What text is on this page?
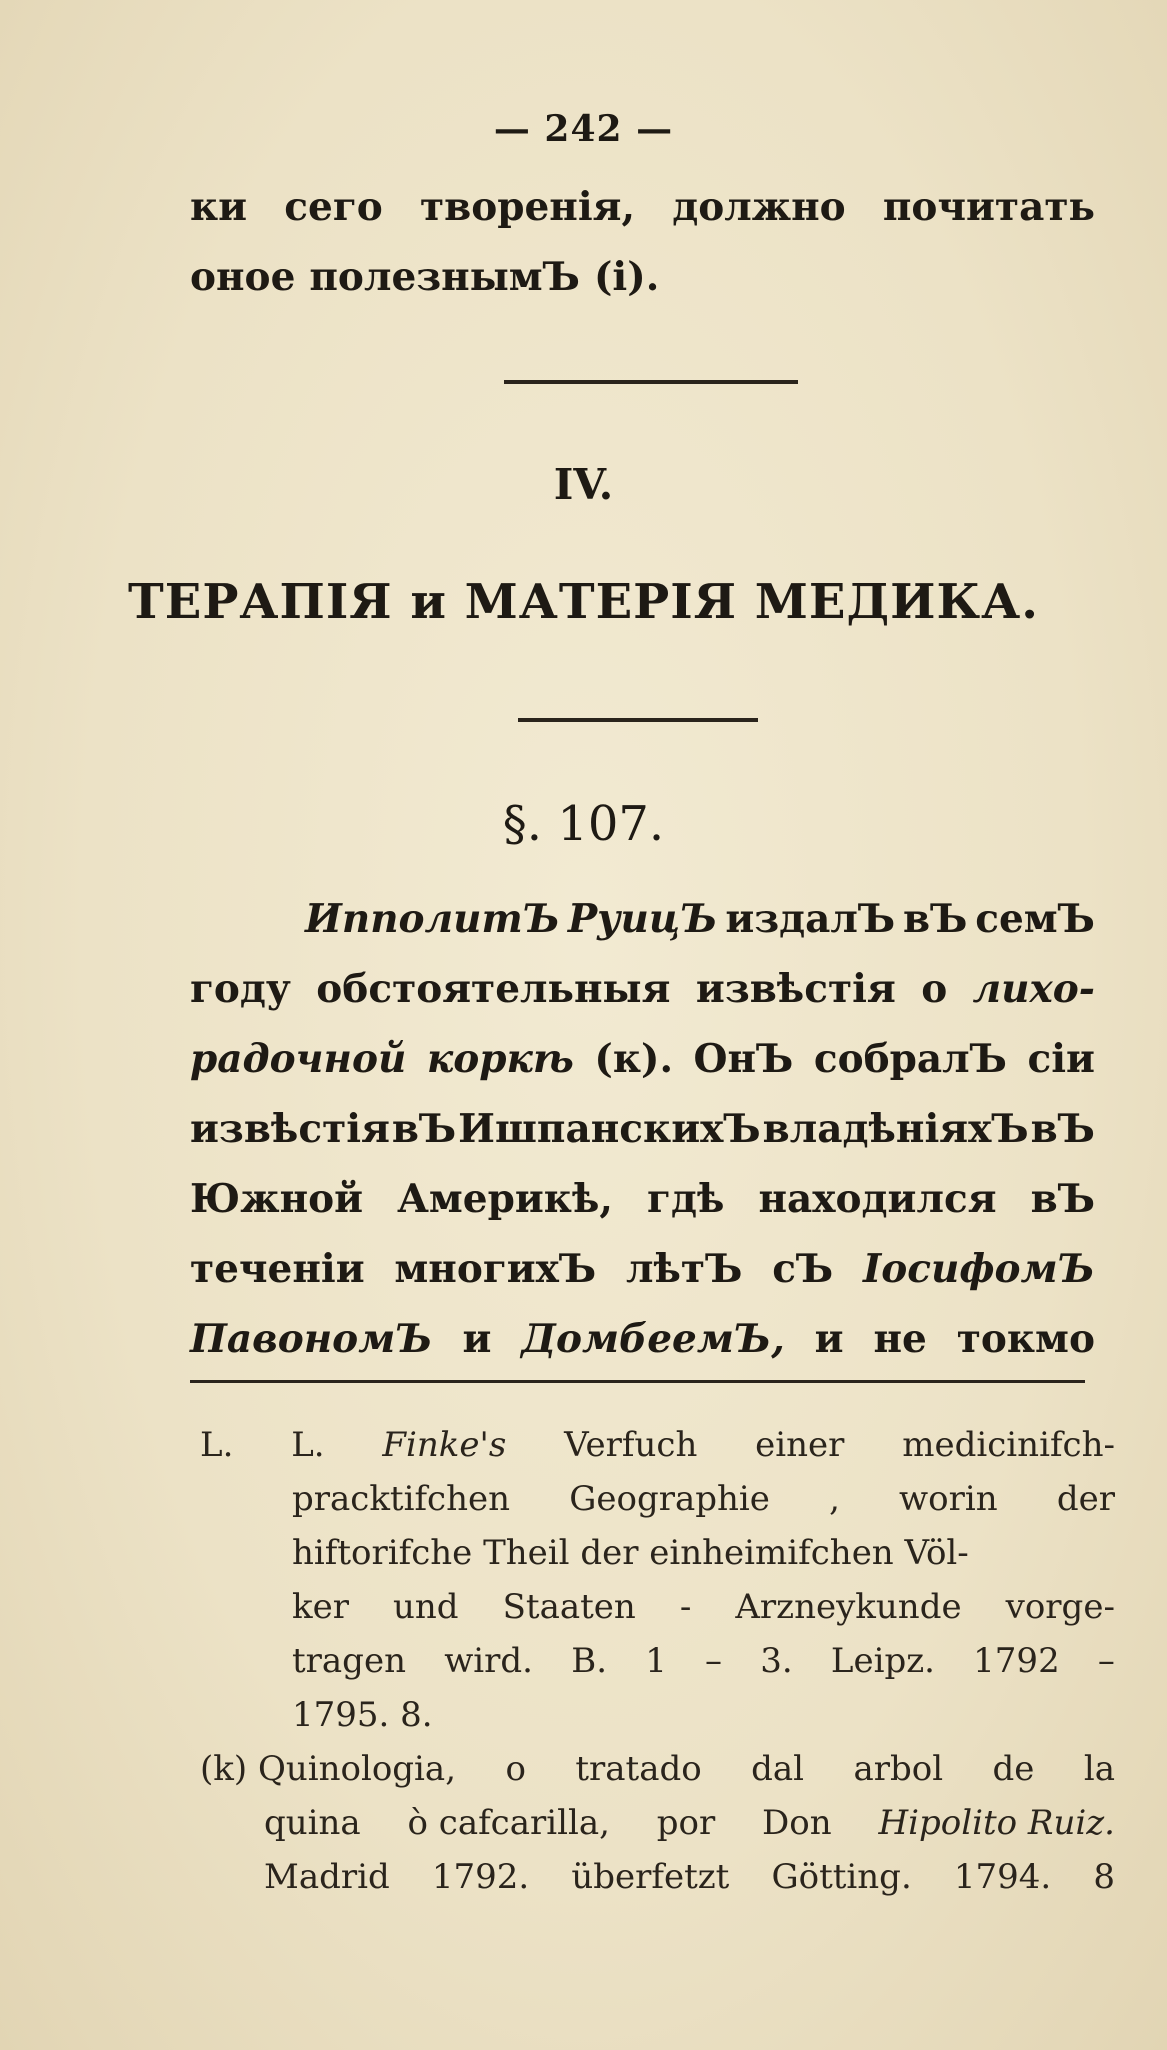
— 242 —
ки сего творенія, должно почитать
оное полезнымЪ (i).
IV.
ТЕРАПІЯ и МАТЕРІЯ МЕДИКА.
§. 107.
ИпполитЪ РуицЪ издалЪ вЪ семЪ
году обстоятельныя извѣстія о лихо-
радочной коркѣ (к). ОнЪ собралЪ сіи
извѣстія вЪ ИшпанскихЪ владѣніяхЪ вЪ
Южной Америкѣ, гдѣ находился вЪ
теченіи многихЪ лѣтЪ сЪ ІосифомЪ
ПавономЪ и ДомбеемЪ, и не токмо
L. L. Finke's Verfuch einer medicinifch-
pracktifchen Geographie , worin der
hiftorifche Theil der einheimifchen Völ-
ker und Staaten - Arzneykunde vorge-
tragen wird. B. 1 – 3. Leipz. 1792 –
1795. 8.
(k) Quinologia, o tratado dal arbol de la
quina ò cafcarilla, por Don Hipolito Ruiz.
Madrid 1792. überfetzt Götting. 1794. 8
